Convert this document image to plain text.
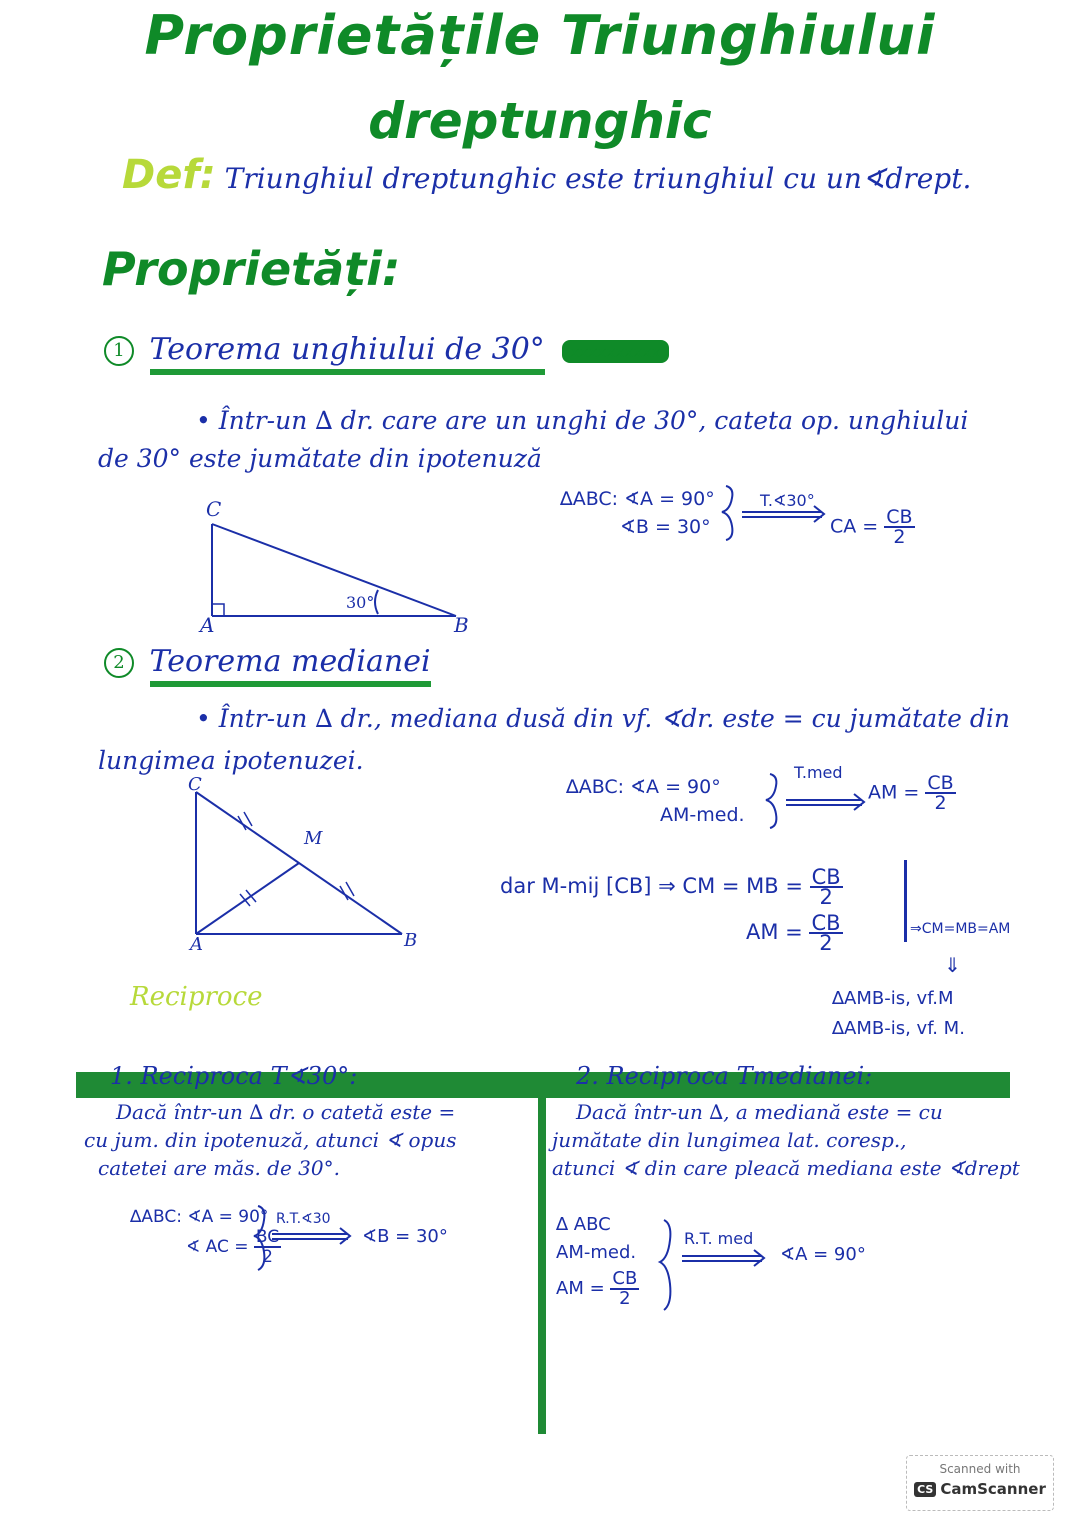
Proprietățile Triunghiului
dreptunghic
Def: Triunghiul dreptunghic este triunghiul cu un∢drept.
Proprietăți:
1 Teorema unghiului de 30° xxxxxxxxxx
• Într-un ∆ dr. care are un unghi de 30°, cateta op. unghiului
de 30° este jumătate din ipotenuză
∆ABC: ∢A = 90°
∢B = 30°
T.∢30°
CA = $\frac{CB}{2}$
C
A	B
30°
2 Teorema medianei
• Într-un ∆ dr., mediana dusă din vf. ∢dr. este = cu jumătate din
lungimea ipotenuzei.
∆ABC: ∢A = 90°
AM-med.
T.med
AM = $\frac{CB}{2}$
dar M-mij [CB] ⇒ CM = MB = $\frac{CB}{2}$
AM = $\frac{CB}{2}$	⇒CM=MB=AM
⇓
∆AMB-is, vf.M
∆AMB-is, vf. M.
C
A	B
M
Reciproce
1. Reciproca T∢30°:
Dacă într-un ∆ dr. o catetă este =
cu jum. din ipotenuză, atunci ∢ opus
catetei are măs. de 30°.
∆ABC: ∢A = 90°
∢ AC = $\frac{BC}{2}$
R.T.∢30
∢B = 30°
2. Reciproca Tmedianei:
Dacă într-un ∆, a mediană este = cu
jumătate din lungimea lat. coresp.,
atunci ∢ din care pleacă mediana este ∢drept
∆ ABC
AM-med.
AM = $\frac{CB}{2}$
R.T. med
∢A = 90°
Scanned with
CS CamScanner
